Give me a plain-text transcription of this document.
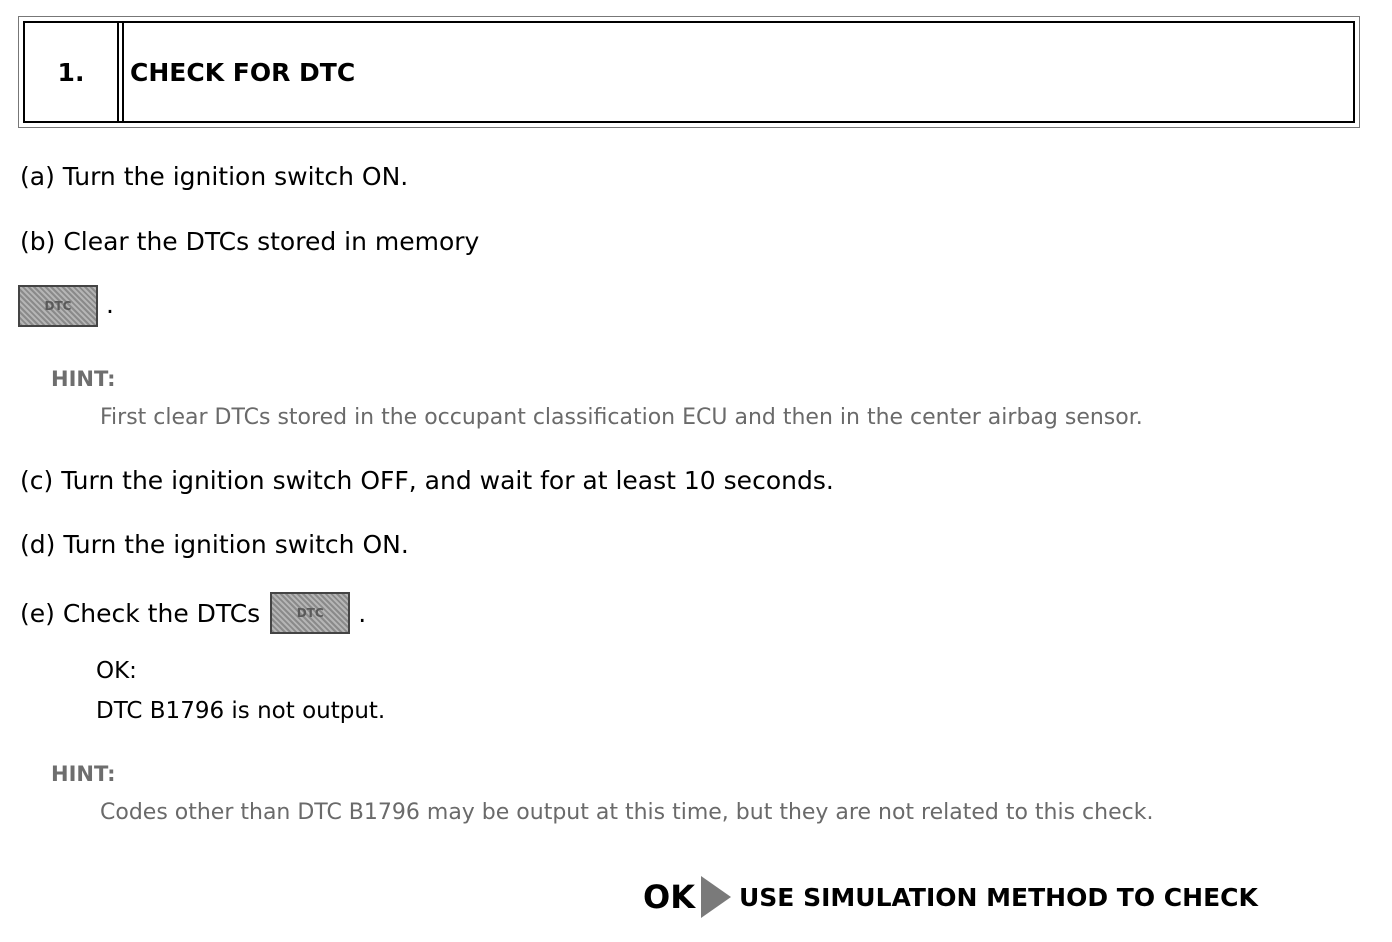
1.	CHECK FOR DTC
(a) Turn the ignition switch ON.
(b) Clear the DTCs stored in memory
DTC	.
HINT:
First clear DTCs stored in the occupant classification ECU and then in the center airbag sensor.
(c) Turn the ignition switch OFF, and wait for at least 10 seconds.
(d) Turn the ignition switch ON.
(e) Check the DTCs	DTC	.
OK:
DTC B1796 is not output.
HINT:
Codes other than DTC B1796 may be output at this time, but they are not related to this check.
OK USE SIMULATION METHOD TO CHECK
